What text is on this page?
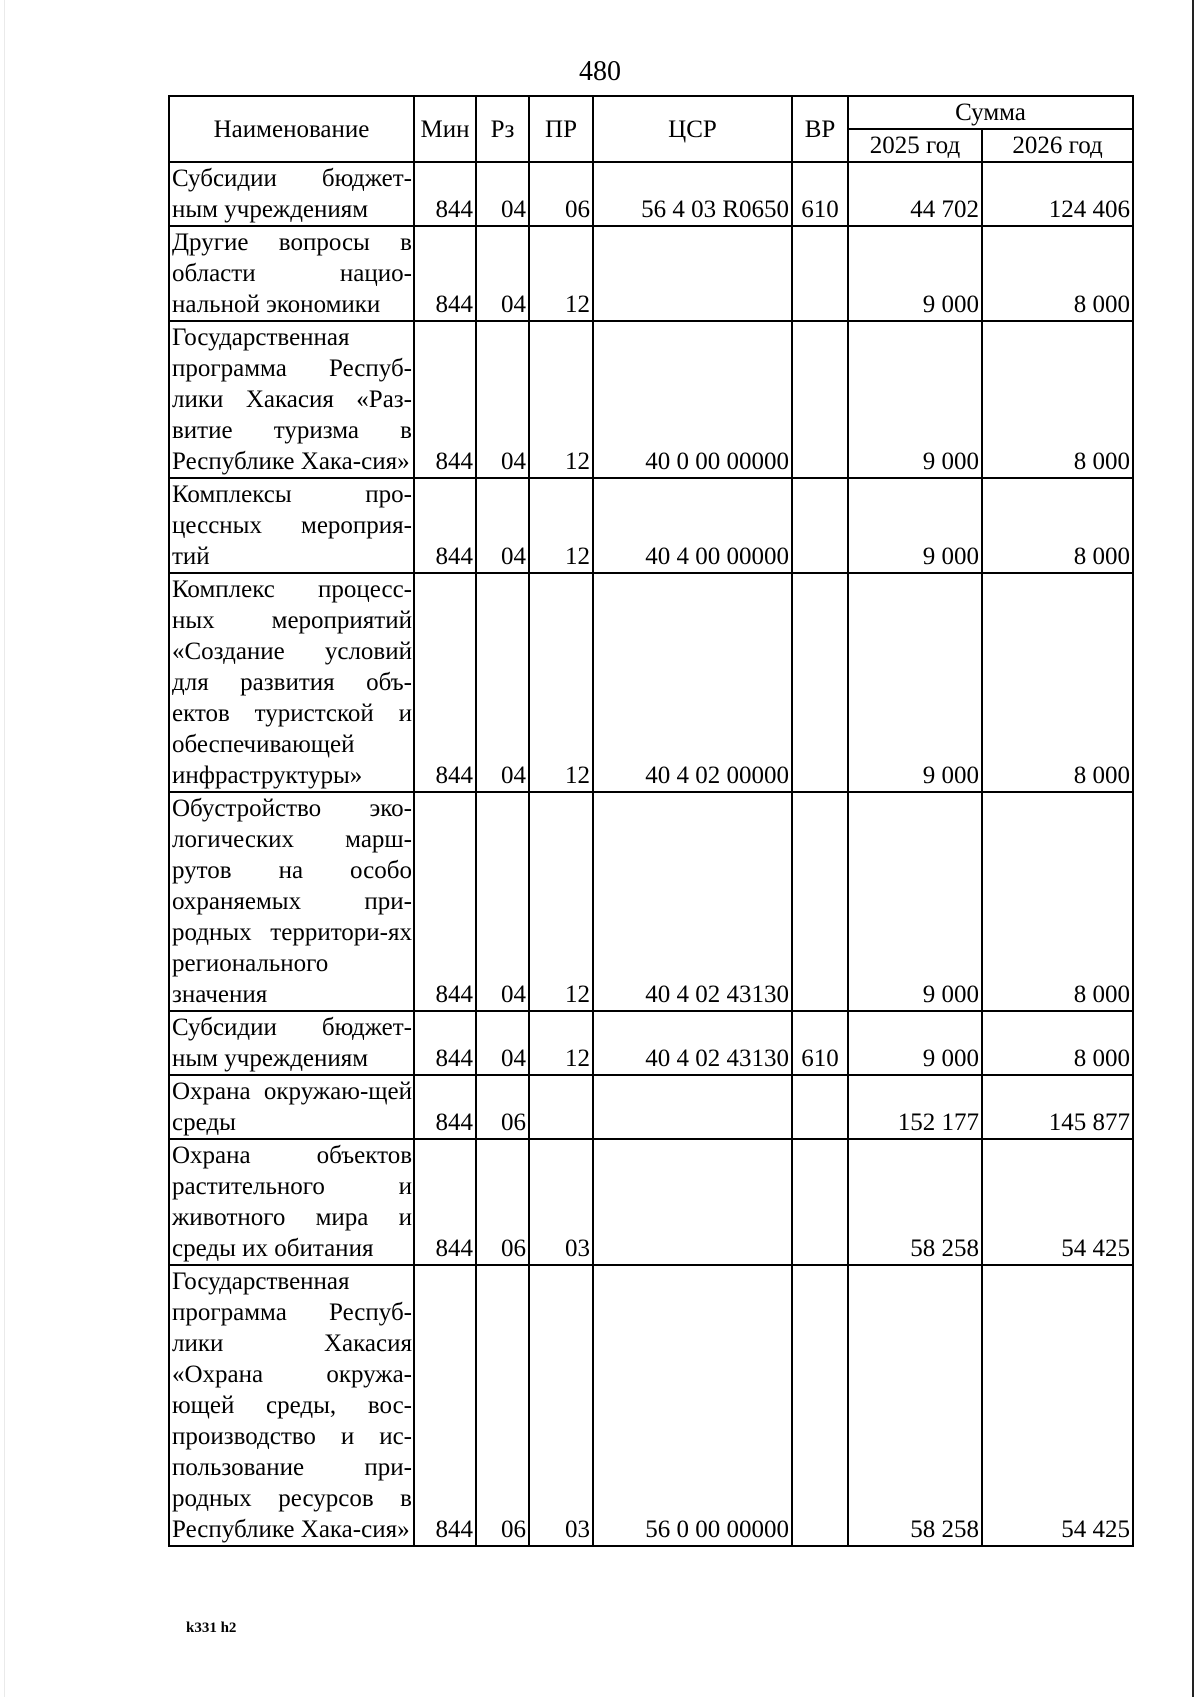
480
Наименование	Мин	Рз	ПР	ЦСР	ВР	Сумма	
						2025 год	2026 год
Субсидии бюджет-ным учреждениям	844	04	06	56 4 03 R0650	610	44 702	124 406
Другие вопросы в области нацио-нальной экономики	844	04	12			9 000	8 000
Государственная программа Респуб-лики Хакасия «Раз-витие туризма в Республике Хака-сия»	844	04	12	40 0 00 00000		9 000	8 000
Комплексы про-цессных мероприя-тий	844	04	12	40 4 00 00000		9 000	8 000
Комплекс процесс-ных мероприятий «Создание условий для развития объ-ектов туристской и обеспечивающей инфраструктуры»	844	04	12	40 4 02 00000		9 000	8 000
Обустройство эко-логических марш-рутов на особо охраняемых при-родных территори-ях регионального значения	844	04	12	40 4 02 43130		9 000	8 000
Субсидии бюджет-ным учреждениям	844	04	12	40 4 02 43130	610	9 000	8 000
Охрана окружаю-щей среды	844	06				152 177	145 877
Охрана объектов растительного и животного мира и среды их обитания	844	06	03			58 258	54 425
Государственная программа Респуб-лики Хакасия «Охрана окружа-ющей среды, вос-производство и ис-пользование при-родных ресурсов в Республике Хака-сия»	844	06	03	56 0 00 00000		58 258	54 425
k331 h2
